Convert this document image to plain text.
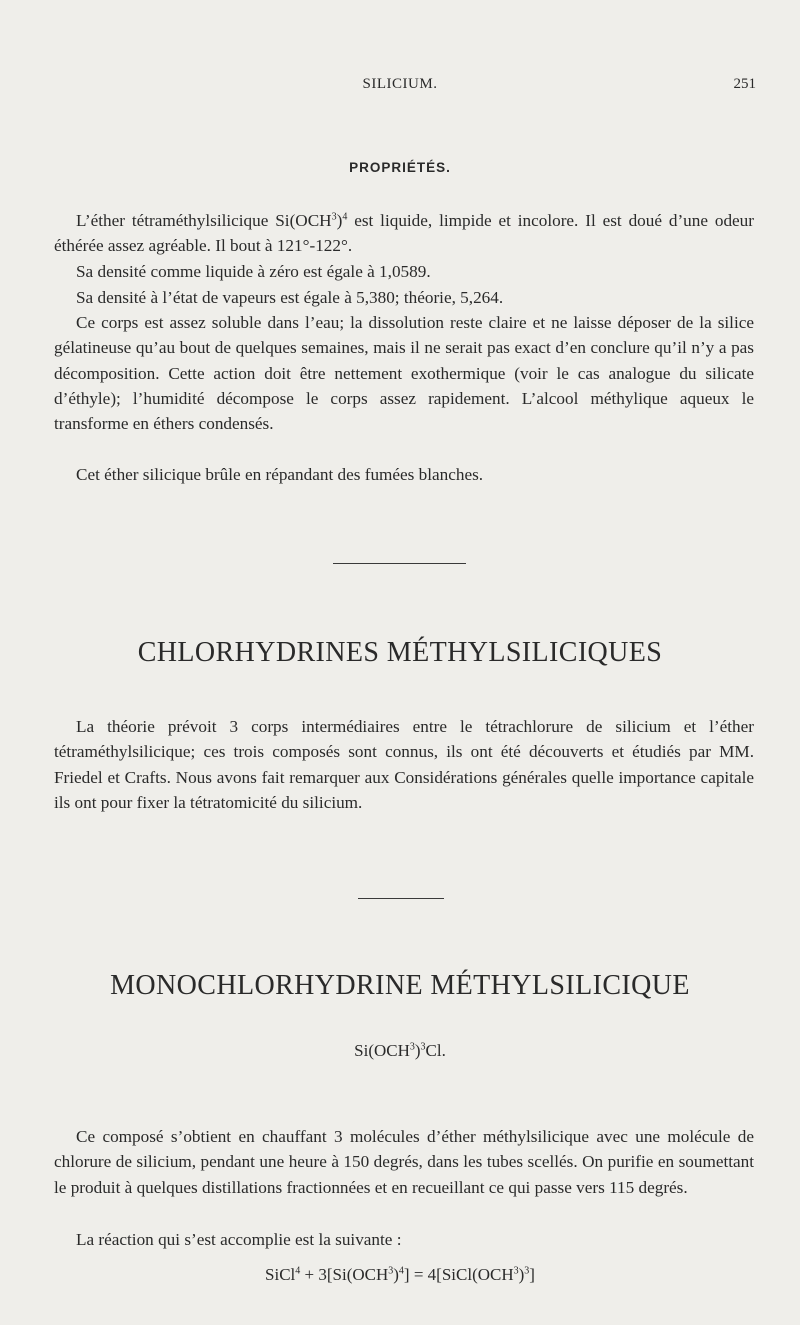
SILICIUM.	251
PROPRIÉTÉS.

L’éther tétraméthylsilicique $Si(OCH^3)^4$ est liquide, limpide et incolore. Il est doué d’une odeur éthérée assez agréable. Il bout à 121°-122°.

Sa densité comme liquide à zéro est égale à 1,0589.

Sa densité à l’état de vapeurs est égale à 5,380; théorie, 5,264.

Ce corps est assez soluble dans l’eau; la dissolution reste claire et ne laisse déposer de la silice gélatineuse qu’au bout de quelques semaines, mais il ne serait pas exact d’en conclure qu’il n’y a pas décomposition. Cette action doit être nettement exothermique (voir le cas analogue du silicate d’éthyle); l’humidité décompose le corps assez rapidement. L’alcool méthylique aqueux le transforme en éthers condensés.

Cet éther silicique brûle en répandant des fumées blanches.

CHLORHYDRINES MÉTHYLSILICIQUES

La théorie prévoit 3 corps intermédiaires entre le tétrachlorure de silicium et l’éther tétraméthylsilicique; ces trois composés sont connus, ils ont été découverts et étudiés par MM. Friedel et Crafts. Nous avons fait remarquer aux Considérations générales quelle importance capitale ils ont pour fixer la tétratomicité du silicium.

MONOCHLORHYDRINE MÉTHYLSILICIQUE
$Si(OCH^3)^3Cl$.

Ce composé s’obtient en chauffant 3 molécules d’éther méthylsilicique avec une molécule de chlorure de silicium, pendant une heure à 150 degrés, dans les tubes scellés. On purifie en soumettant le produit à quelques distillations fractionnées et en recueillant ce qui passe vers 115 degrés.

La réaction qui s’est accomplie est la suivante :

SiCl$^4$ + $3[Si(OCH^3)^4]$ = $4[SiCl(OCH^3)^3]$
